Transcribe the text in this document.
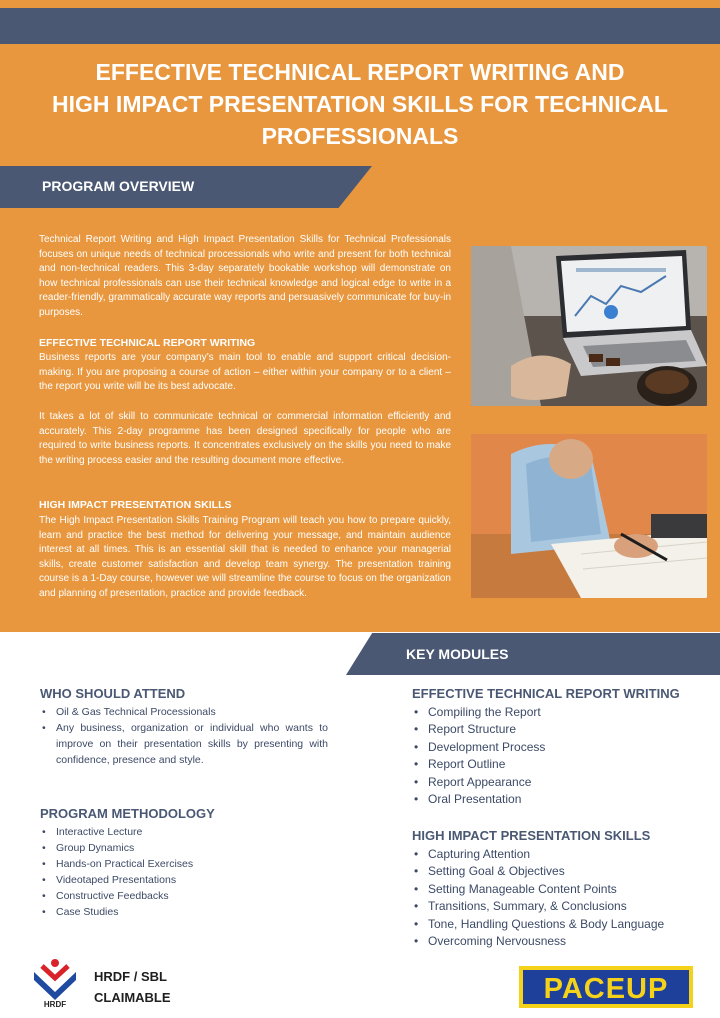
EFFECTIVE TECHNICAL REPORT WRITING AND
HIGH IMPACT PRESENTATION SKILLS FOR TECHNICAL
PROFESSIONALS
PROGRAM OVERVIEW

Technical Report Writing and High Impact Presentation Skills for Technical Professionals focuses on unique needs of technical processionals who write and present for both technical and non-technical readers. This 3-day separately bookable workshop will demonstrate on how technical professionals can use their technical knowledge and logical edge to write in a reader-friendly, grammatically accurate way reports and persuasively communicate for buy-in purposes.

EFFECTIVE TECHNICAL REPORT WRITING

Business reports are your company’s main tool to enable and support critical decision-making. If you are proposing a course of action – either within your company or to a client – the report you write will be its best advocate.

It takes a lot of skill to communicate technical or commercial information efficiently and accurately. This 2-day programme has been designed specifically for people who are required to write business reports. It concentrates exclusively on the skills you need to make the writing process easier and the resulting document more effective.

HIGH IMPACT PRESENTATION SKILLS

The High Impact Presentation Skills Training Program will teach you how to prepare quickly, learn and practice the best method for delivering your message, and maintain audience interest at all times. This is an essential skill that is needed to enhance your managerial skills, create customer satisfaction and develop team synergy. The presentation training course is a 1-Day course, however we will streamline the course to focus on the organization and planning of presentation, practice and provide feedback.

KEY MODULES
WHO SHOULD ATTEND
• Oil & Gas Technical Processionals
• Any business, organization or individual who wants to improve on their presentation skills by presenting with confidence, presence and style.
PROGRAM METHODOLOGY
• Interactive Lecture
• Group Dynamics
• Hands-on Practical Exercises
• Videotaped Presentations
• Constructive Feedbacks
• Case Studies
EFFECTIVE TECHNICAL REPORT WRITING
• Compiling the Report
• Report Structure
• Development Process
• Report Outline
• Report Appearance
• Oral Presentation
HIGH IMPACT PRESENTATION SKILLS
• Capturing Attention
• Setting Goal & Objectives
• Setting Manageable Content Points
• Transitions, Summary, & Conclusions
• Tone, Handling Questions & Body Language
• Overcoming Nervousness
HRDF
HRDF / SBL
CLAIMABLE	PACEUP
